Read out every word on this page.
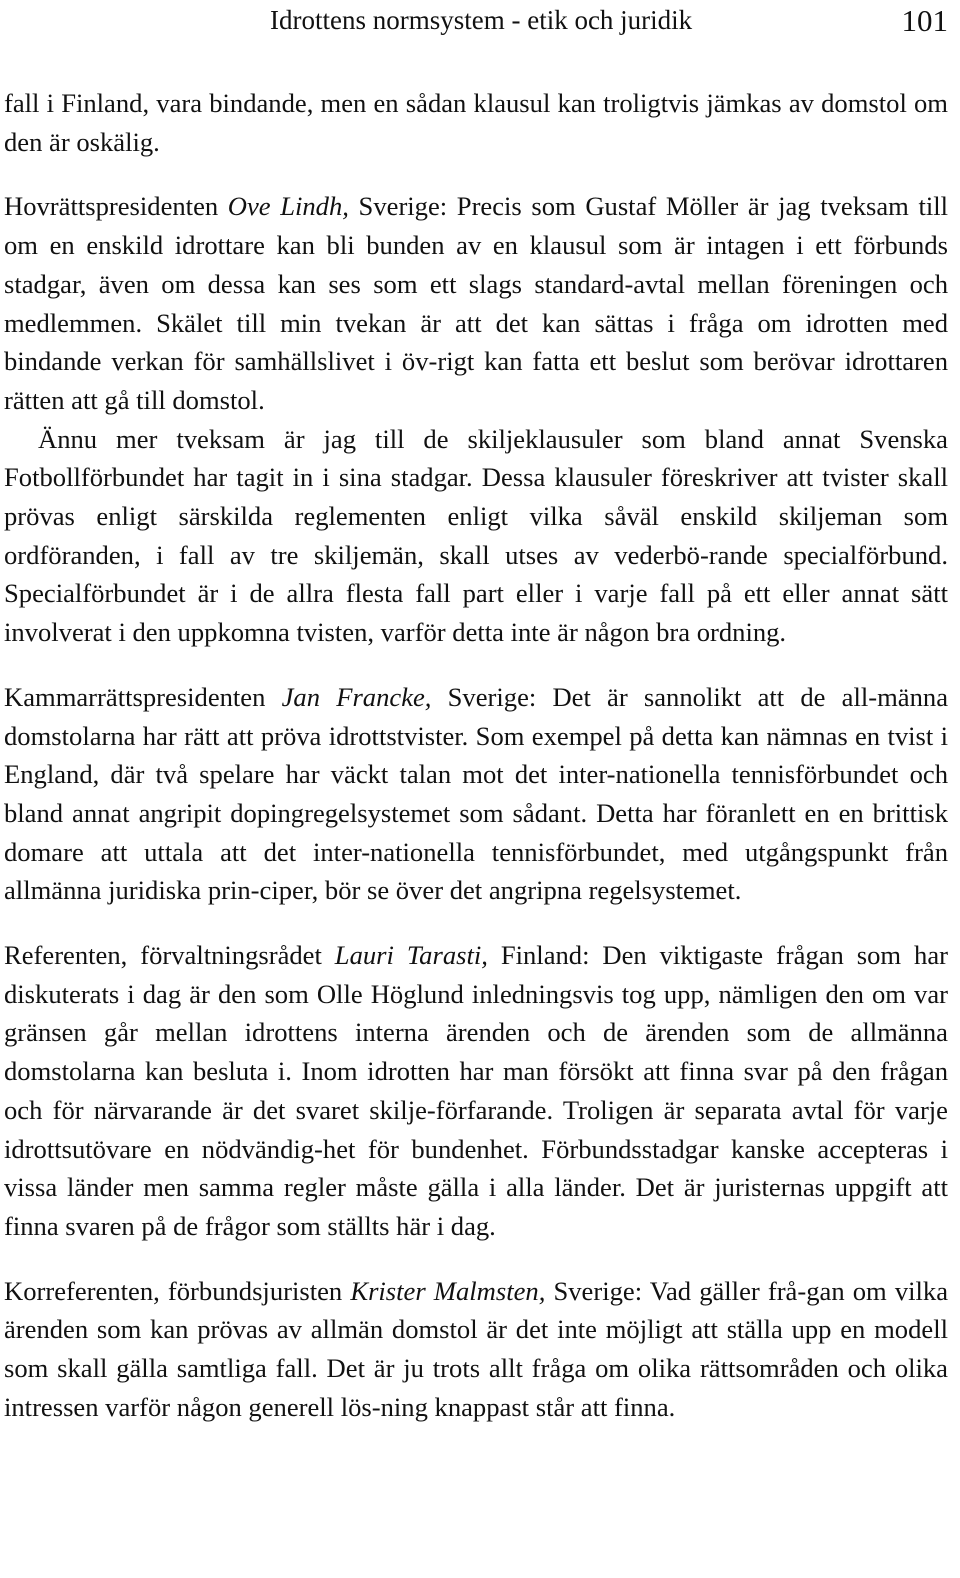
Idrottens normsystem - etik och juridik	101

fall i Finland, vara bindande, men en sådan klausul kan troligtvis jämkas av domstol om den är oskälig.

Hovrättspresidenten Ove Lindh, Sverige: Precis som Gustaf Möller är jag tveksam till om en enskild idrottare kan bli bunden av en klausul som är intagen i ett förbunds stadgar, även om dessa kan ses som ett slags standard-avtal mellan föreningen och medlemmen. Skälet till min tvekan är att det kan sättas i fråga om idrotten med bindande verkan för samhällslivet i öv-rigt kan fatta ett beslut som berövar idrottaren rätten att gå till domstol.

Ännu mer tveksam är jag till de skiljeklausuler som bland annat Svenska Fotbollförbundet har tagit in i sina stadgar. Dessa klausuler föreskriver att tvister skall prövas enligt särskilda reglementen enligt vilka såväl enskild skiljeman som ordföranden, i fall av tre skiljemän, skall utses av vederbö-rande specialförbund. Specialförbundet är i de allra flesta fall part eller i varje fall på ett eller annat sätt involverat i den uppkomna tvisten, varför detta inte är någon bra ordning.

Kammarrättspresidenten Jan Francke, Sverige: Det är sannolikt att de all-männa domstolarna har rätt att pröva idrottstvister. Som exempel på detta kan nämnas en tvist i England, där två spelare har väckt talan mot det inter-nationella tennisförbundet och bland annat angripit dopingregelsystemet som sådant. Detta har föranlett en en brittisk domare att uttala att det inter-nationella tennisförbundet, med utgångspunkt från allmänna juridiska prin-ciper, bör se över det angripna regelsystemet.

Referenten, förvaltningsrådet Lauri Tarasti, Finland: Den viktigaste frågan som har diskuterats i dag är den som Olle Höglund inledningsvis tog upp, nämligen den om var gränsen går mellan idrottens interna ärenden och de ärenden som de allmänna domstolarna kan besluta i. Inom idrotten har man försökt att finna svar på den frågan och för närvarande är det svaret skilje-förfarande. Troligen är separata avtal för varje idrottsutövare en nödvändig-het för bundenhet. Förbundsstadgar kanske accepteras i vissa länder men samma regler måste gälla i alla länder. Det är juristernas uppgift att finna svaren på de frågor som ställts här i dag.

Korreferenten, förbundsjuristen Krister Malmsten, Sverige: Vad gäller frå-gan om vilka ärenden som kan prövas av allmän domstol är det inte möjligt att ställa upp en modell som skall gälla samtliga fall. Det är ju trots allt fråga om olika rättsområden och olika intressen varför någon generell lös-ning knappast står att finna.
